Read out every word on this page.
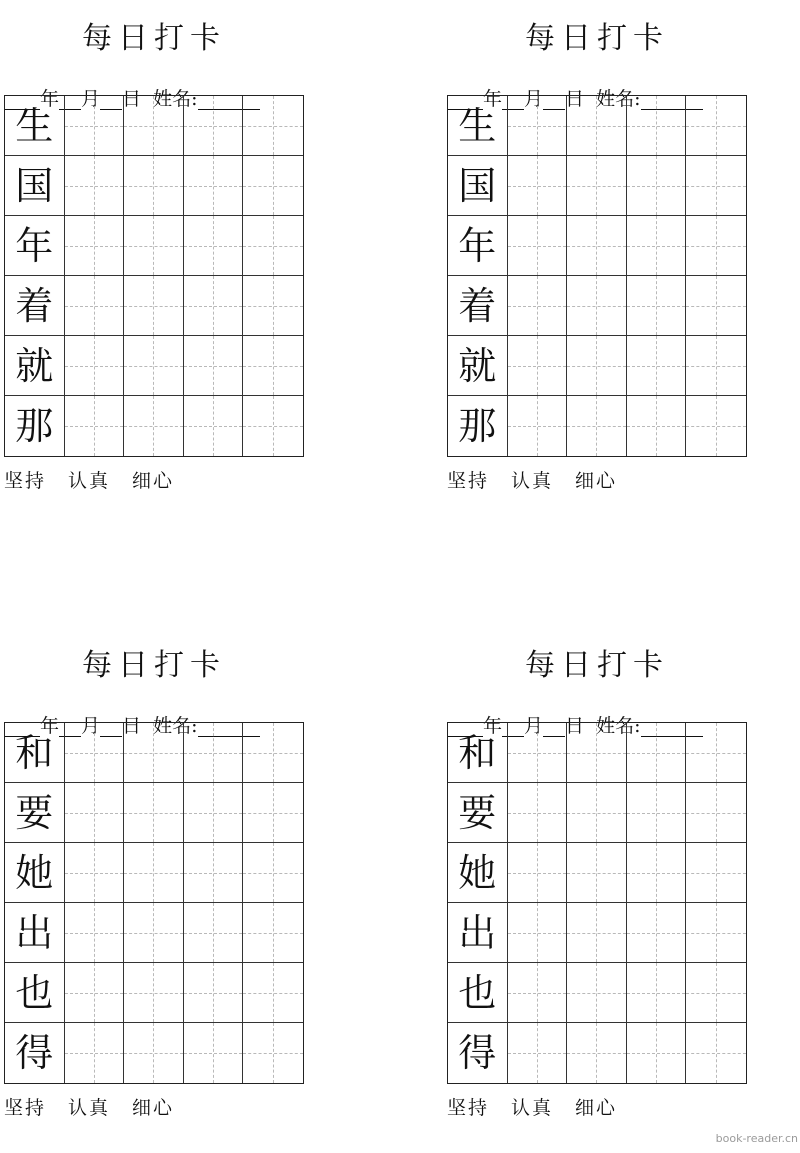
每日打卡
年 月 日 姓名:
生
国
年
着
就
那
坚持 认真 细心
每日打卡
年 月 日 姓名:
生
国
年
着
就
那
坚持 认真 细心
每日打卡
年 月 日 姓名:
和
要
她
出
也
得
坚持 认真 细心
每日打卡
年 月 日 姓名:
和
要
她
出
也
得
坚持 认真 细心
book-reader.cn
